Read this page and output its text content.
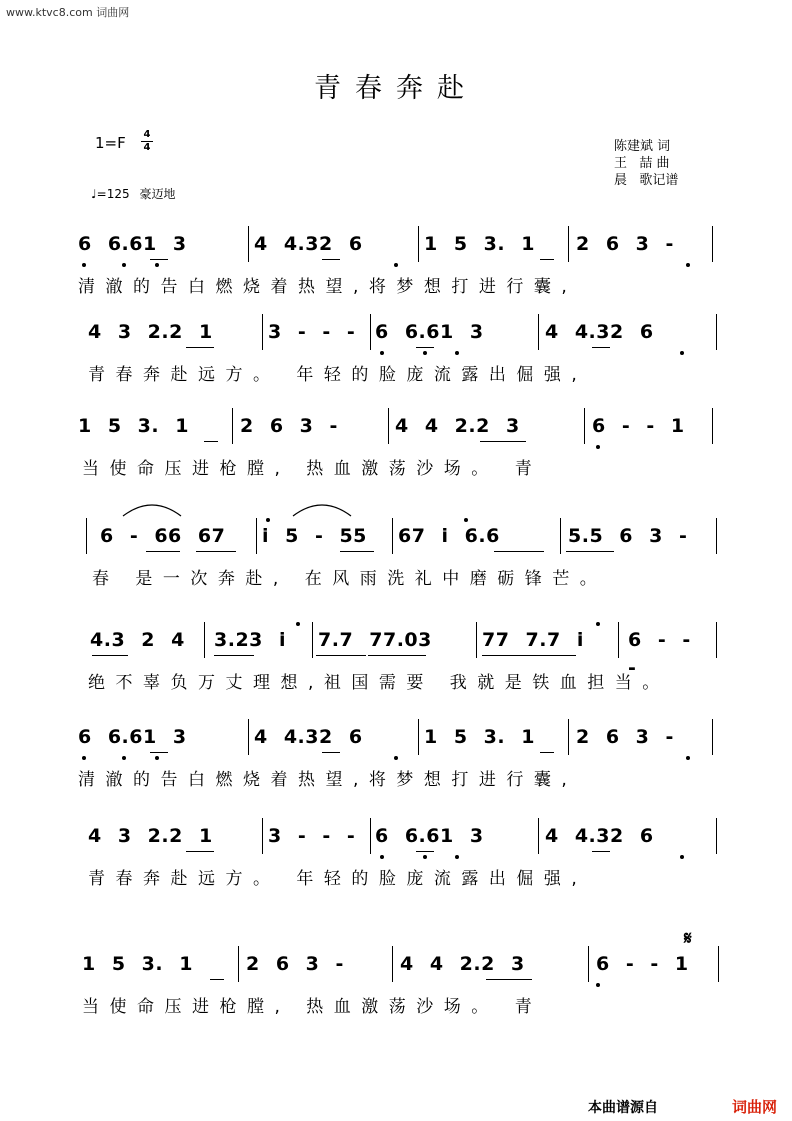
www.ktvc8.com 词曲网
青春奔赴
1=F 4
4
♩=125 豪迈地
陈建斌 词
王   喆 曲
晨   歌记谱
6 6.61 3	4 4.32 6	1 5 3. 1	2 6 3 -
清澈的告白燃烧着热望,将梦想打进行囊,
4 3 2.2 1	3 - - -	6 6.61 3	4 4.32 6
青春奔赴远方。 年轻的脸庞流露出倔强,
1 5 3. 1	2 6 3 -	4 4 2.2 3	6 - - 1
当使命压进枪膛, 热血激荡沙场。 青
6 - 66 67	i 5 - 55	67 i 6.6	5.5 6 3 -
春 是一次奔赴, 在风雨洗礼中磨砺锋芒。
4.3 2 4	3.23 i	7.7 77.03	77 7.7 i	6 - - -
绝不辜负万丈理想,祖国需要 我就是铁血担当。
6 6.61 3	4 4.32 6	1 5 3. 1	2 6 3 -
清澈的告白燃烧着热望,将梦想打进行囊,
4 3 2.2 1	3 - - -	6 6.61 3	4 4.32 6
青春奔赴远方。 年轻的脸庞流露出倔强,
1 5 3. 1	2 6 3 -	4 4 2.2 3	6 - - 1
当使命压进枪膛, 热血激荡沙场。 青
𝄋
本曲谱源自	词曲网
